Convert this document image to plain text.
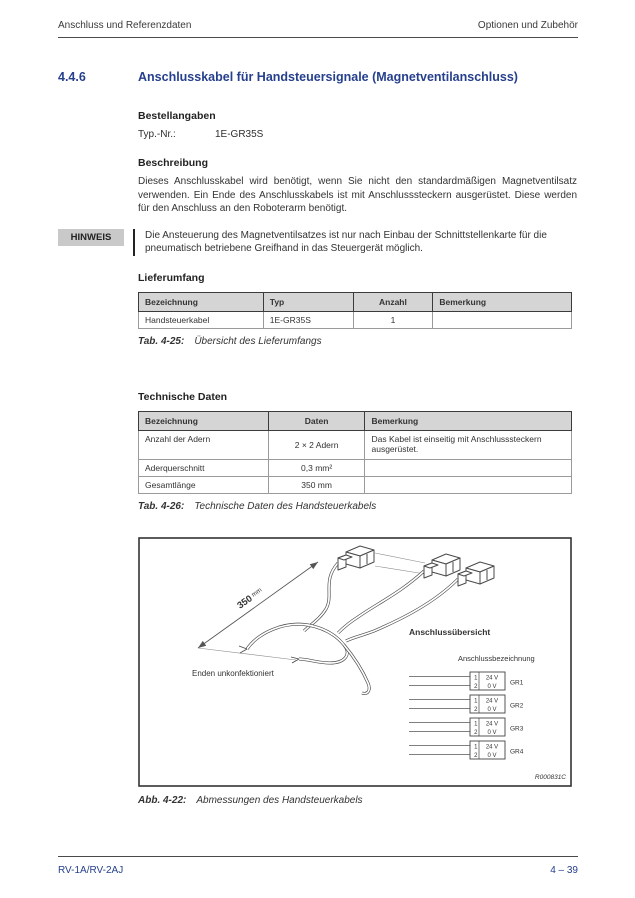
Anschluss und Referenzdaten	Optionen und Zubehör
4.4.6	Anschlusskabel für Handsteuersignale (Magnetventilanschluss)
Bestellangaben
Typ.-Nr.:	1E-GR35S
Beschreibung

Dieses Anschlusskabel wird benötigt, wenn Sie nicht den standardmäßigen Magnetventilsatz verwenden. Ein Ende des Anschlusskabels ist mit Anschlusssteckern ausgerüstet. Diese werden für den Anschluss an den Roboterarm benötigt.

HINWEIS	Die Ansteuerung des Magnetventilsatzes ist nur nach Einbau der Schnittstellenkarte für die pneumatisch betriebene Greifhand in das Steuergerät möglich.

Lieferumfang
Bezeichnung	Typ	Anzahl	Bemerkung
Handsteuerkabel	1E-GR35S	1	

Tab. 4-25: Übersicht des Lieferumfangs

Technische Daten
Bezeichnung	Daten	Bemerkung
Anzahl der Adern	2 × 2 Adern	Das Kabel ist einseitig mit Anschlusssteckern ausgerüstet.
Aderquerschnitt	0,3 mm²	
Gesamtlänge	350 mm	

Tab. 4-26: Technische Daten des Handsteuerkabels

350mm
Enden unkonfektioniert
Anschlussübersicht
Anschlussbezeichnung
1 24 V
2 0 V
GR1
1 24 V
2 0 V
GR2
1 24 V
2 0 V
GR3
1 24 V
2 0 V
GR4
R000831C

Abb. 4-22: Abmessungen des Handsteuerkabels

RV-1A/RV-2AJ	4 – 39
